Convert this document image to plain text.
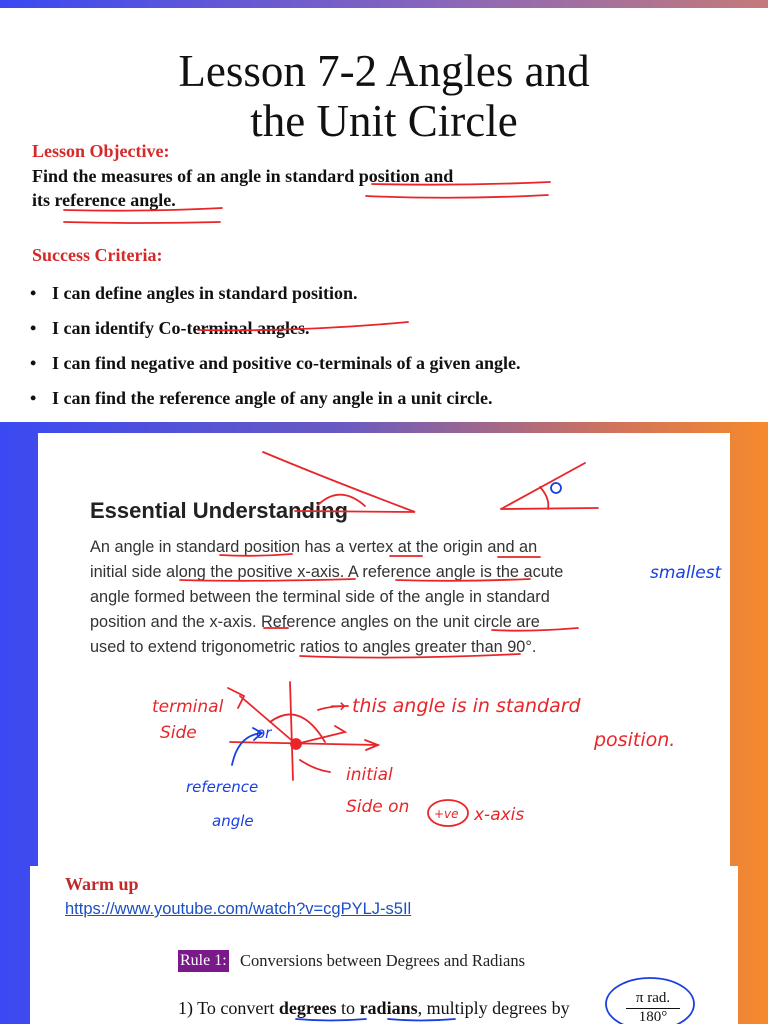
Lesson 7-2 Angles and
the Unit Circle
Lesson Objective:
Find the measures of an angle in standard position and
its reference angle.
Success Criteria:
• I can define angles in standard position.
• I can identify Co-terminal angles.
• I can find negative and positive co-terminals of a given angle.
• I can find the reference angle of any angle in a unit circle.
Essential Understanding
An angle in standard position has a vertex at the origin and an
initial side along the positive x-axis. A reference angle is the acute
angle formed between the terminal side of the angle in standard
position and the x-axis. Reference angles on the unit circle are
used to extend trigonometric ratios to angles greater than 90°.
Warm up
https://www.youtube.com/watch?v=cgPYLJ-s5Il
Rule 1: Conversions between Degrees and Radians
1) To convert degrees to radians, multiply degrees by	π rad.
180°
terminal
Side
→ this angle is in standard
position.
initial
Side on +ve x-axis
smallest
or
reference
angle
